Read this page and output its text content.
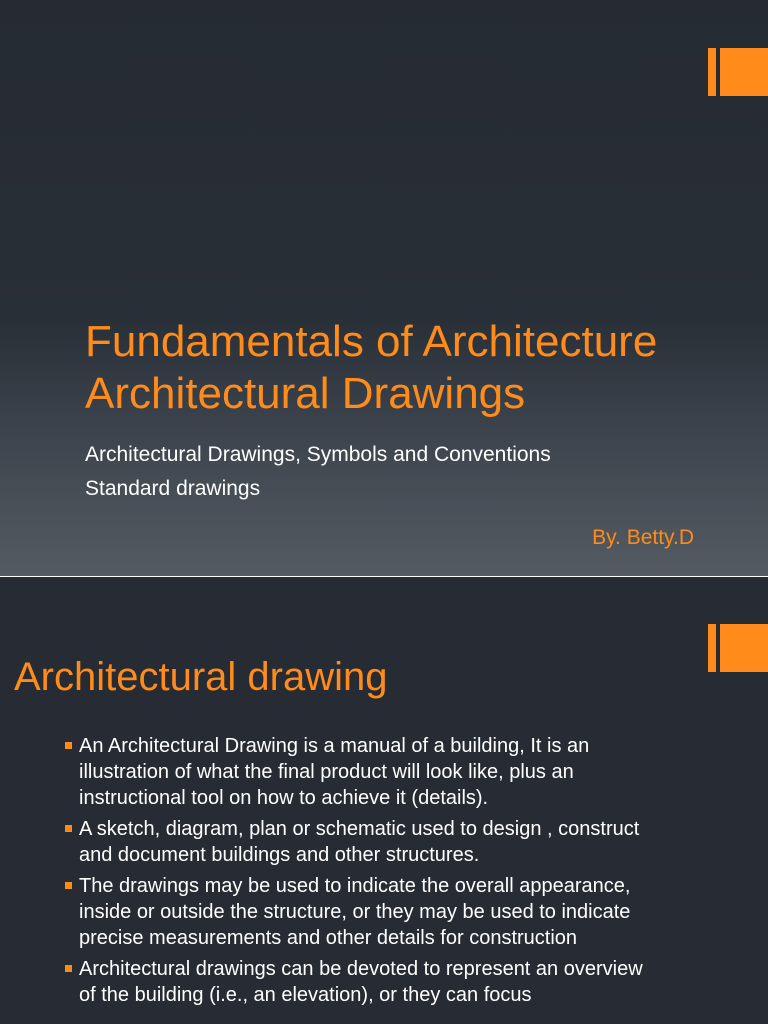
Fundamentals of Architecture
Architectural Drawings
Architectural Drawings, Symbols and Conventions
Standard drawings
By. Betty.D
Architectural drawing
An Architectural Drawing is a manual of a building, It is an illustration of what the final product will look like, plus an instructional tool on how to achieve it (details).
A sketch, diagram, plan or schematic used to design , construct and document buildings and other structures.
The drawings may be used to indicate the overall appearance, inside or outside the structure, or they may be used to indicate precise measurements and other details for construction
Architectural drawings can be devoted to represent an overview of the building (i.e., an elevation), or they can focus
